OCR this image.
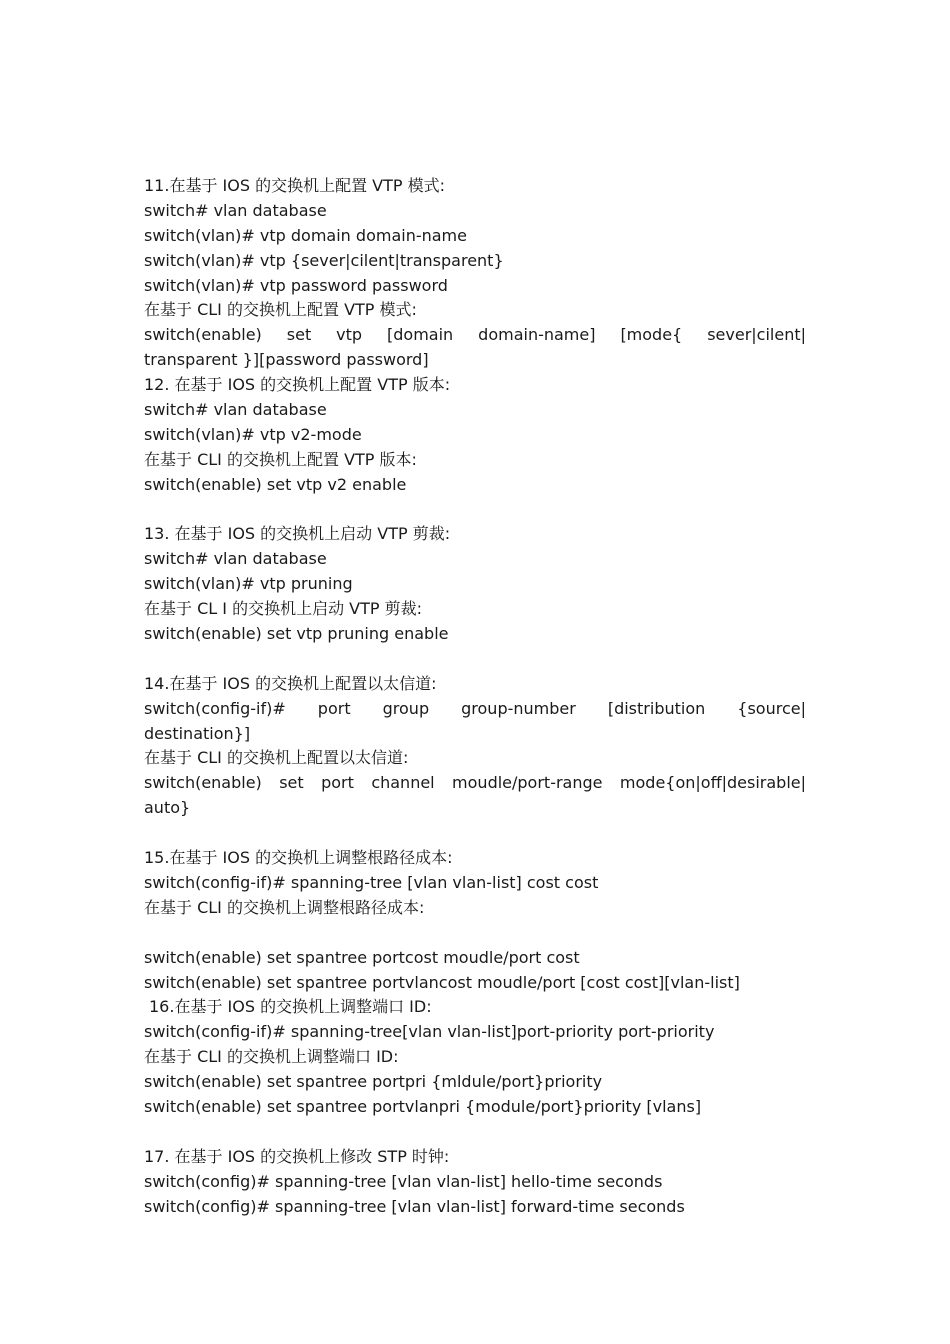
11.在基于 IOS 的交换机上配置 VTP 模式:
switch# vlan database
switch(vlan)# vtp domain domain-name
switch(vlan)# vtp {sever|cilent|transparent}
switch(vlan)# vtp password password
在基于 CLI 的交换机上配置 VTP 模式:
switch(enable) set vtp [domain domain-name] [mode{ sever|cilent|
transparent }][password password]
12. 在基于 IOS 的交换机上配置 VTP 版本:
switch# vlan database
switch(vlan)# vtp v2-mode
在基于 CLI 的交换机上配置 VTP 版本:
switch(enable) set vtp v2 enable
13. 在基于 IOS 的交换机上启动 VTP 剪裁:
switch# vlan database
switch(vlan)# vtp pruning
在基于 CL I 的交换机上启动 VTP 剪裁:
switch(enable) set vtp pruning enable
14.在基于 IOS 的交换机上配置以太信道:
switch(config-if)# port group group-number [distribution {source|
destination}]
在基于 CLI 的交换机上配置以太信道:
switch(enable) set port channel moudle/port-range mode{on|off|desirable|
auto}
15.在基于 IOS 的交换机上调整根路径成本:
switch(config-if)# spanning-tree [vlan vlan-list] cost cost
在基于 CLI 的交换机上调整根路径成本:
switch(enable) set spantree portcost moudle/port cost
switch(enable) set spantree portvlancost moudle/port [cost cost][vlan-list]
16.在基于 IOS 的交换机上调整端口 ID:
switch(config-if)# spanning-tree[vlan vlan-list]port-priority port-priority
在基于 CLI 的交换机上调整端口 ID:
switch(enable) set spantree portpri {mldule/port}priority
switch(enable) set spantree portvlanpri {module/port}priority [vlans]
17. 在基于 IOS 的交换机上修改 STP 时钟:
switch(config)# spanning-tree [vlan vlan-list] hello-time seconds
switch(config)# spanning-tree [vlan vlan-list] forward-time seconds
